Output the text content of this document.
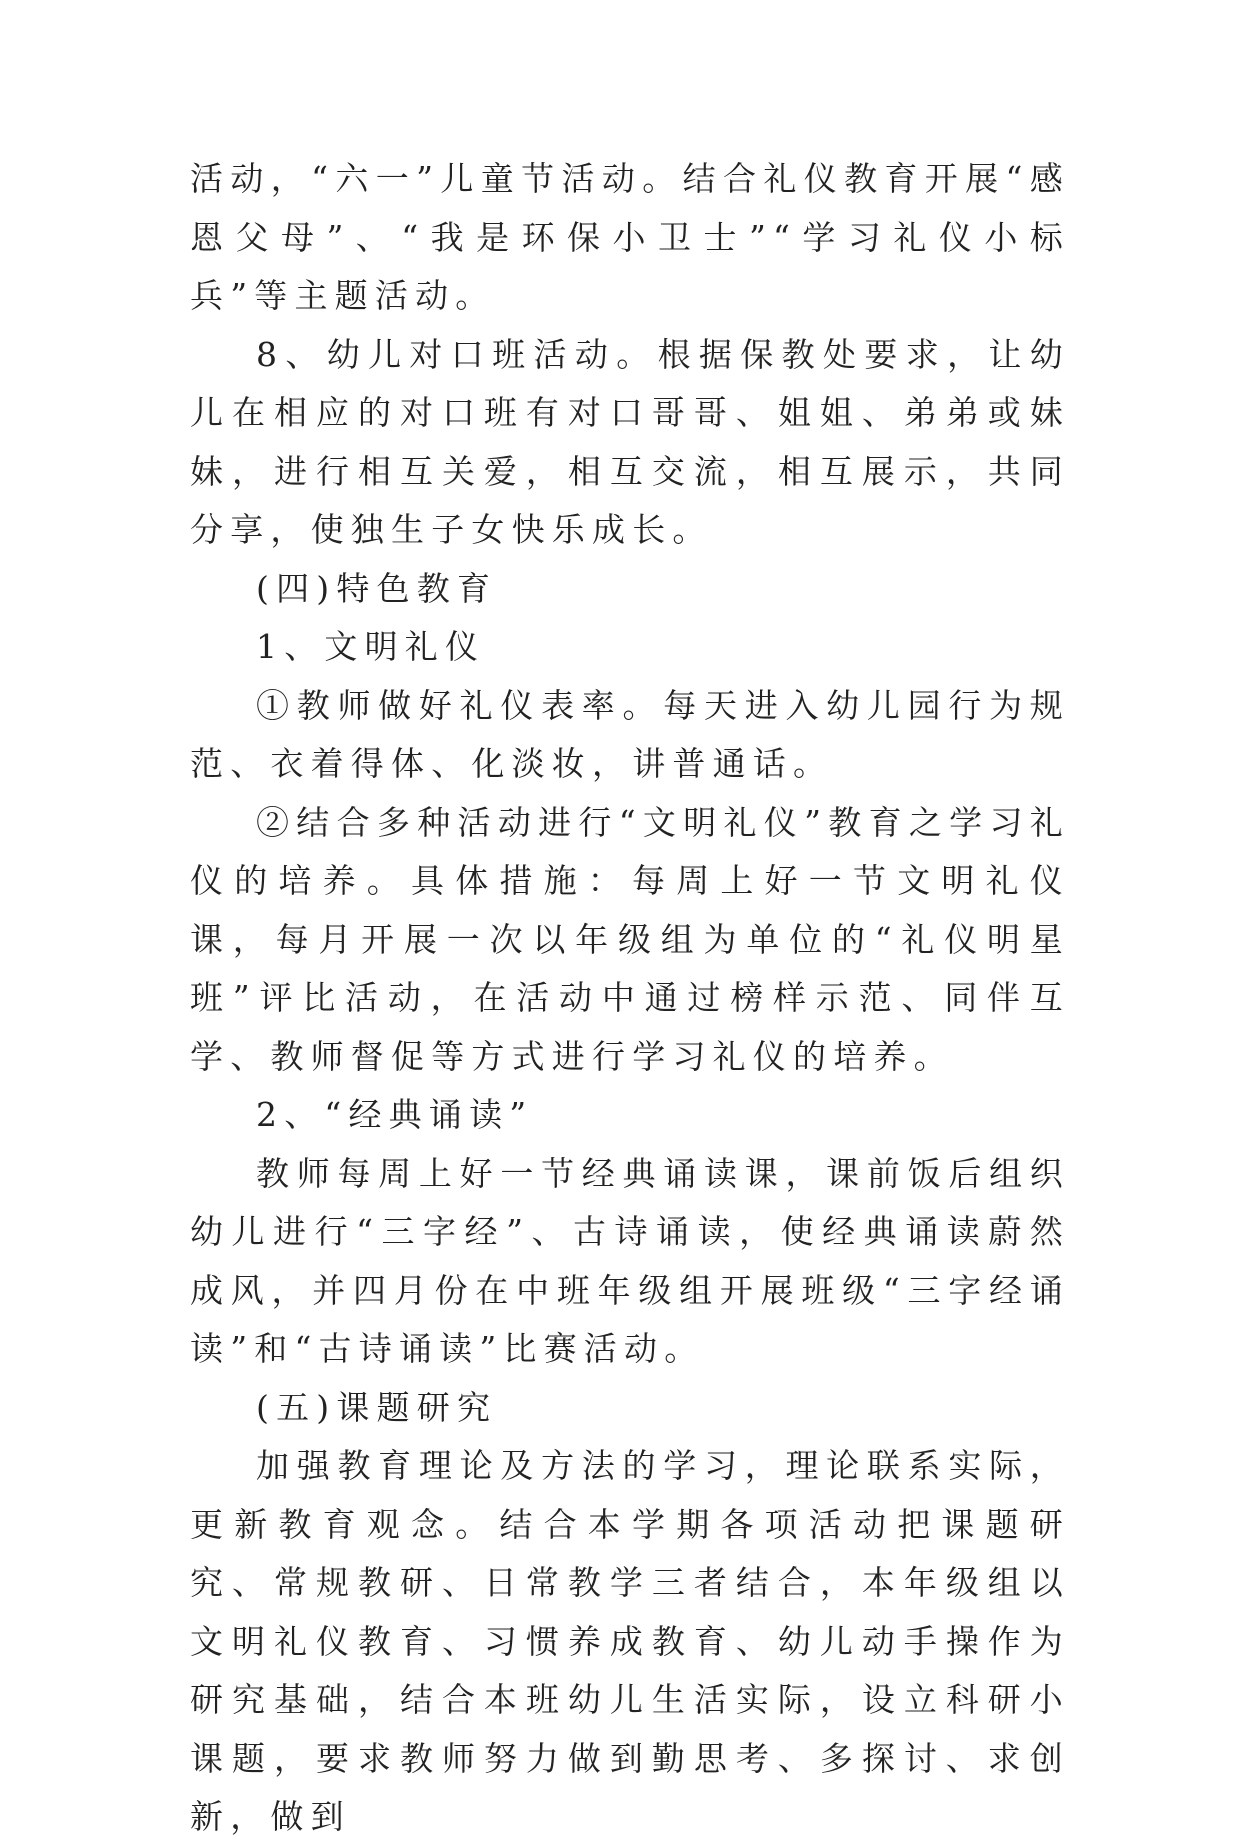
活动，“六一”儿童节活动。结合礼仪教育开展“感恩父母”、“我是环保小卫士”“学习礼仪小标兵”等主题活动。

8、幼儿对口班活动。根据保教处要求，让幼儿在相应的对口班有对口哥哥、姐姐、弟弟或妹妹，进行相互关爱，相互交流，相互展示，共同分享，使独生子女快乐成长。

(四)特色教育

1、文明礼仪

①教师做好礼仪表率。每天进入幼儿园行为规范、衣着得体、化淡妆，讲普通话。

②结合多种活动进行“文明礼仪”教育之学习礼仪的培养。具体措施：每周上好一节文明礼仪课，每月开展一次以年级组为单位的“礼仪明星班”评比活动，在活动中通过榜样示范、同伴互学、教师督促等方式进行学习礼仪的培养。

2、“经典诵读”

教师每周上好一节经典诵读课，课前饭后组织幼儿进行“三字经”、古诗诵读，使经典诵读蔚然成风，并四月份在中班年级组开展班级“三字经诵读”和“古诗诵读”比赛活动。

(五)课题研究

加强教育理论及方法的学习，理论联系实际，更新教育观念。结合本学期各项活动把课题研究、常规教研、日常教学三者结合，本年级组以文明礼仪教育、习惯养成教育、幼儿动手操作为研究基础，结合本班幼儿生活实际，设立科研小课题，要求教师努力做到勤思考、多探讨、求创新，做到
